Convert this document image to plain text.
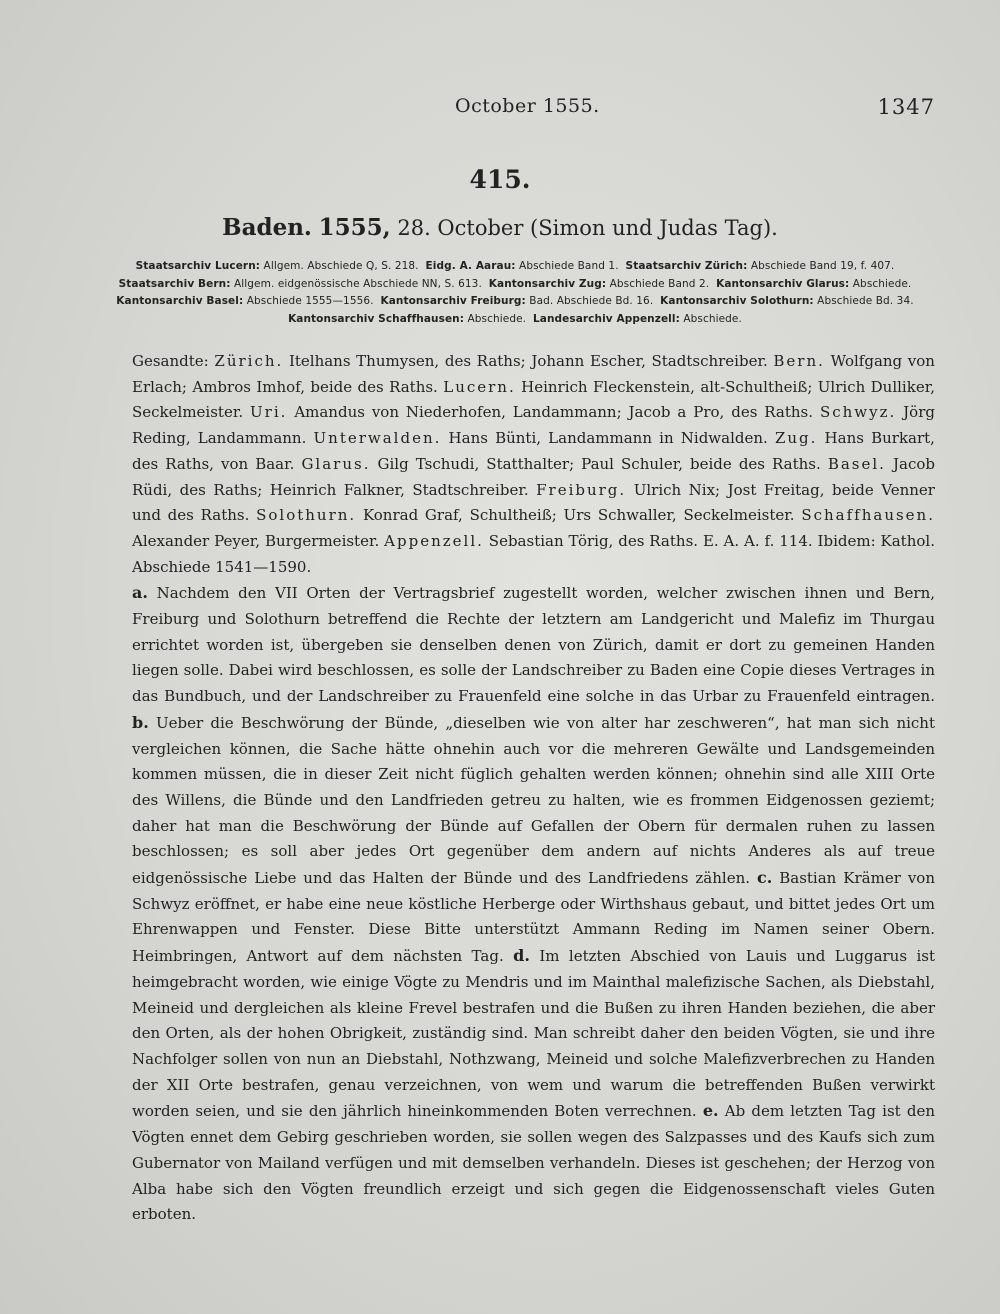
October 1555.	1347
415.
Baden. 1555, 28. October (Simon und Judas Tag).
Staatsarchiv Lucern: Allgem. Abschiede Q, S. 218. Eidg. A. Aarau: Abschiede Band 1. Staatsarchiv Zürich: Abschiede Band 19, f. 407.
Staatsarchiv Bern: Allgem. eidgenössische Abschiede NN, S. 613. Kantonsarchiv Zug: Abschiede Band 2. Kantonsarchiv Glarus: Abschiede.
Kantonsarchiv Basel: Abschiede 1555—1556. Kantonsarchiv Freiburg: Bad. Abschiede Bd. 16. Kantonsarchiv Solothurn: Abschiede Bd. 34.
Kantonsarchiv Schaffhausen: Abschiede. Landesarchiv Appenzell: Abschiede.

Gesandte: Zürich. Itelhans Thumysen, des Raths; Johann Escher, Stadtschreiber. Bern. Wolfgang von Erlach; Ambros Imhof, beide des Raths. Lucern. Heinrich Fleckenstein, alt-Schultheiß; Ulrich Dulliker, Seckelmeister. Uri. Amandus von Niederhofen, Landammann; Jacob a Pro, des Raths. Schwyz. Jörg Reding, Landammann. Unterwalden. Hans Bünti, Landammann in Nidwalden. Zug. Hans Burkart, des Raths, von Baar. Glarus. Gilg Tschudi, Statthalter; Paul Schuler, beide des Raths. Basel. Jacob Rüdi, des Raths; Heinrich Falkner, Stadtschreiber. Freiburg. Ulrich Nix; Jost Freitag, beide Venner und des Raths. Solothurn. Konrad Graf, Schultheiß; Urs Schwaller, Seckelmeister. Schaffhausen. Alexander Peyer, Burgermeister. Appenzell. Sebastian Törig, des Raths. E. A. A. f. 114. Ibidem: Kathol. Abschiede 1541—1590.

a. Nachdem den VII Orten der Vertragsbrief zugestellt worden, welcher zwischen ihnen und Bern, Freiburg und Solothurn betreffend die Rechte der letztern am Landgericht und Malefiz im Thurgau errichtet worden ist, übergeben sie denselben denen von Zürich, damit er dort zu gemeinen Handen liegen solle. Dabei wird beschlossen, es solle der Landschreiber zu Baden eine Copie dieses Vertrages in das Bundbuch, und der Landschreiber zu Frauenfeld eine solche in das Urbar zu Frauenfeld eintragen. b. Ueber die Beschwörung der Bünde, „dieselben wie von alter har zeschweren“, hat man sich nicht vergleichen können, die Sache hätte ohnehin auch vor die mehreren Gewälte und Landsgemeinden kommen müssen, die in dieser Zeit nicht füglich gehalten werden können; ohnehin sind alle XIII Orte des Willens, die Bünde und den Landfrieden getreu zu halten, wie es frommen Eidgenossen geziemt; daher hat man die Beschwörung der Bünde auf Gefallen der Obern für dermalen ruhen zu lassen beschlossen; es soll aber jedes Ort gegenüber dem andern auf nichts Anderes als auf treue eidgenössische Liebe und das Halten der Bünde und des Landfriedens zählen. c. Bastian Krämer von Schwyz eröffnet, er habe eine neue köstliche Herberge oder Wirthshaus gebaut, und bittet jedes Ort um Ehrenwappen und Fenster. Diese Bitte unterstützt Ammann Reding im Namen seiner Obern. Heimbringen, Antwort auf dem nächsten Tag. d. Im letzten Abschied von Lauis und Luggarus ist heimgebracht worden, wie einige Vögte zu Mendris und im Mainthal malefizische Sachen, als Diebstahl, Meineid und dergleichen als kleine Frevel bestrafen und die Bußen zu ihren Handen beziehen, die aber den Orten, als der hohen Obrigkeit, zuständig sind. Man schreibt daher den beiden Vögten, sie und ihre Nachfolger sollen von nun an Diebstahl, Nothzwang, Meineid und solche Malefizverbrechen zu Handen der XII Orte bestrafen, genau verzeichnen, von wem und warum die betreffenden Bußen verwirkt worden seien, und sie den jährlich hineinkommenden Boten verrechnen. e. Ab dem letzten Tag ist den Vögten ennet dem Gebirg geschrieben worden, sie sollen wegen des Salzpasses und des Kaufs sich zum Gubernator von Mailand verfügen und mit demselben verhandeln. Dieses ist geschehen; der Herzog von Alba habe sich den Vögten freundlich erzeigt und sich gegen die Eidgenossenschaft vieles Guten erboten.
